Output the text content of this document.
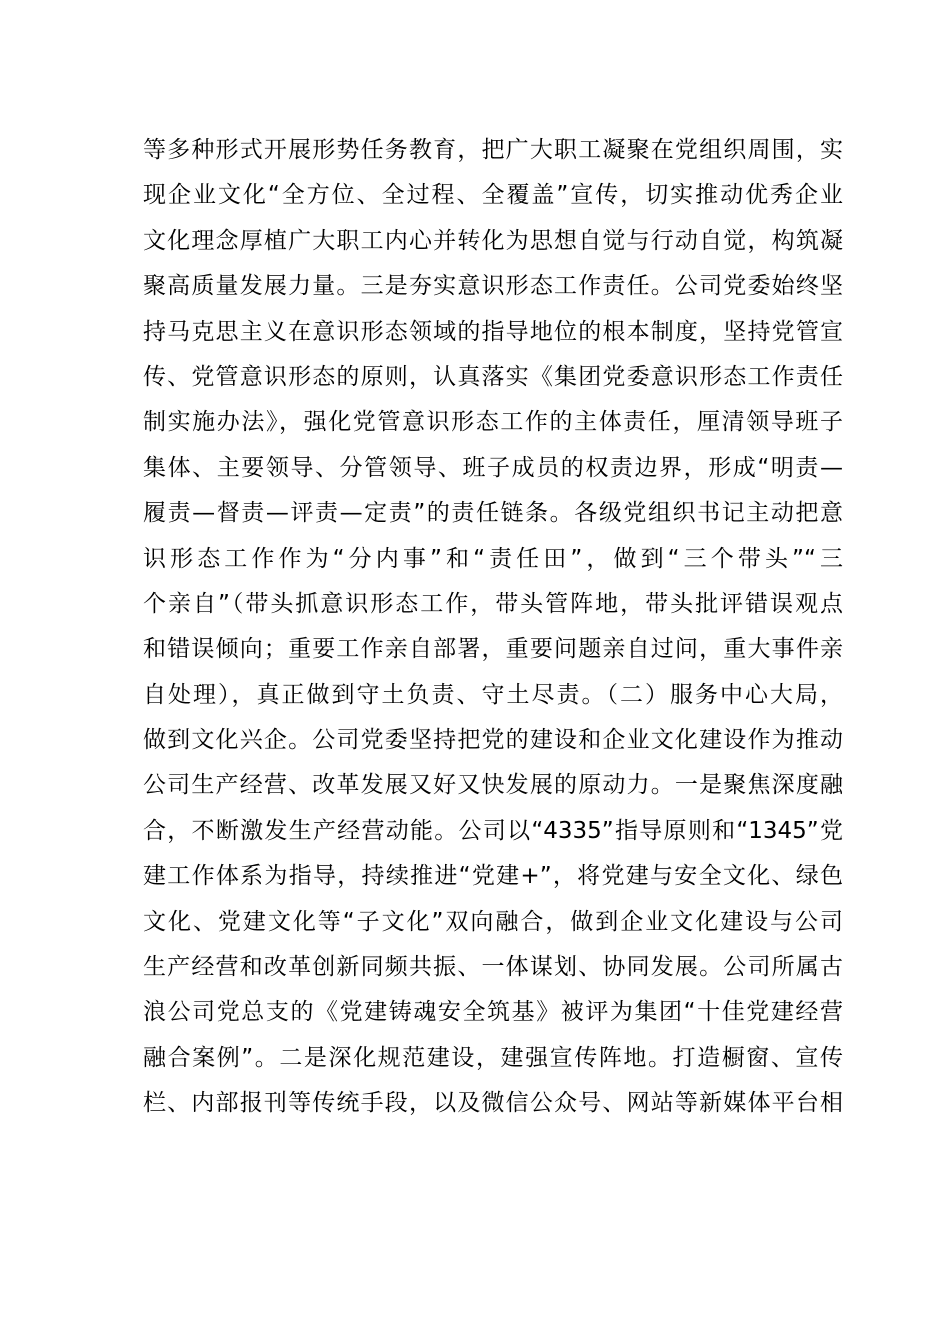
等多种形式开展形势任务教育，把广大职工凝聚在党组织周围，实
现企业文化“全方位、全过程、全覆盖”宣传，切实推动优秀企业
文化理念厚植广大职工内心并转化为思想自觉与行动自觉，构筑凝
聚高质量发展力量。三是夯实意识形态工作责任。公司党委始终坚
持马克思主义在意识形态领域的指导地位的根本制度，坚持党管宣
传、党管意识形态的原则，认真落实《集团党委意识形态工作责任
制实施办法》，强化党管意识形态工作的主体责任，厘清领导班子
集体、主要领导、分管领导、班子成员的权责边界，形成“明责—
履责—督责—评责—定责”的责任链条。各级党组织书记主动把意
识形态工作作为“分内事”和“责任田”，做到“三个带头”“三
个亲自”（带头抓意识形态工作，带头管阵地，带头批评错误观点
和错误倾向；重要工作亲自部署，重要问题亲自过问，重大事件亲
自处理），真正做到守土负责、守土尽责。（二）服务中心大局，
做到文化兴企。公司党委坚持把党的建设和企业文化建设作为推动
公司生产经营、改革发展又好又快发展的原动力。一是聚焦深度融
合，不断激发生产经营动能。公司以“4335”指导原则和“1345”党
建工作体系为指导，持续推进“党建+”，将党建与安全文化、绿色
文化、党建文化等“子文化”双向融合，做到企业文化建设与公司
生产经营和改革创新同频共振、一体谋划、协同发展。公司所属古
浪公司党总支的《党建铸魂安全筑基》被评为集团“十佳党建经营
融合案例”。二是深化规范建设，建强宣传阵地。打造橱窗、宣传
栏、内部报刊等传统手段，以及微信公众号、网站等新媒体平台相
